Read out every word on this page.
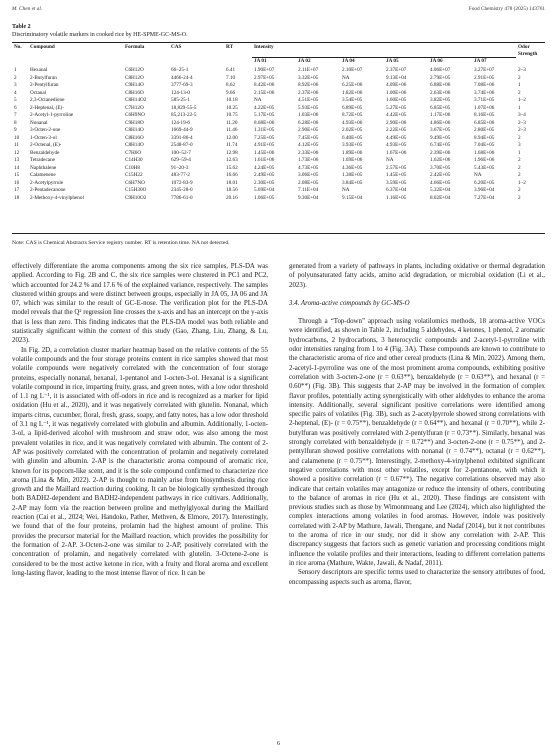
M. Chen et al.	Food Chemistry 478 (2025) 143761
Table 2
Discriminatory volatile markers in cooked rice by HE-SPME-GC-MS-O.
No.	Compound	Formula	CAS	RT	Intensity						Odor Strength
					JA 01	JA 02	JA 04	JA 05	JA 06	JA 07	
1	Hexanal	C6H12O	66–25-1	6.41	1.90E+07	2.11E+07	2.10E+07	2.37E+07	4.06E+07	3.27E+07	2–3
2	2-Butylfuran	C8H12O	4466-24-4	7.10	2.97E+05	3.32E+05	NA	9.13E+04	2.79E+05	2.91E+05	2
3	2-Pentylfuran	C9H14O	3777-69-3	8.62	8.42E+06	8.92E+06	6.25E+06	4.09E+06	6.88E+06	7.08E+06	1
4	Octanal	C8H16O	124-13-0	9.66	2.15E+06	2.37E+06	1.82E+06	1.00E+06	2.63E+06	3.74E+06	2
5	2,3-Octanedione	C8H14O2	585-25-1	10.18	NA	4.51E+05	3.54E+05	1.60E+05	3.82E+05	3.71E+05	1–2
6	2-Heptenal, (E)-	C7H12O	18,829-55-5	10.25	4.22E+05	5.93E+05	6.89E+05	5.27E+05	6.85E+05	1.07E+06	1
7	2-Acetyl-1-pyrroline	C6H9NO	85,213-22-5	10.75	5.17E+05	1.03E+06	8.72E+05	4.42E+05	1.17E+06	8.16E+05	3–4
8	Nonanal	C9H18O	124-19-6	11.20	8.68E+06	6.28E+06	4.93E+06	2.90E+06	4.86E+06	6.85E+06	2–3
9	3-Octen-2-one	C8H14O	1669-44-9	11.46	1.31E+05	2.90E+05	2.02E+05	2.22E+05	3.67E+05	2.80E+05	2–3
10	1-Octen-3-ol	C8H16O	3391-86-4	12.00	7.25E+05	7.45E+05	6.40E+05	4.49E+05	9.49E+05	8.94E+05	2
11	2-Octenal, (E)-	C8H14O	2548-87-0	11.74	4.91E+05	4.12E+05	3.93E+05	4.93E+05	6.74E+05	7.04E+05	3
12	Benzaldehyde	C7H6O	100–52-7	12.98	1.45E+06	2.33E+06	1.89E+06	1.67E+06	2.39E+06	1.68E+06	1
13	Tetradecane	C14H30	629–59-4	12.63	1.61E+06	1.73E+06	1.69E+06	NA	1.62E+06	1.96E+06	2
14	Naphthalene	C10H8	91–20-3	15.62	4.24E+05	4.73E+05	4.36E+05	2.57E+05	3.70E+05	5.43E+05	2
15	Calamenene	C15H22	483-77-2	16.66	2.49E+05	3.06E+05	1.38E+05	1.45E+05	2.42E+05	NA	2
16	2-Acetylpyrrole	C6H7NO	1072-83-9	18.01	2.30E+05	2.08E+05	3.84E+05	3.59E+05	4.66E+05	6.20E+05	1–2
17	2-Pentadecanone	C15H30O	2345-28-0	18.56	5.69E+04	7.11E+04	NA	6.37E+04	5.32E+04	3.96E+04	2
18	2-Methoxy-4-vinylphenol	C9H10O2	7786-61-0	20.16	1.06E+05	9.30E+04	9.15E+04	1.16E+05	8.02E+04	7.27E+04	2
Note: CAS is Chemical Abstracts Service registry number. RT is retention time. NA not detected.

effectively differentiate the aroma components among the six rice samples, PLS-DA was applied. According to Fig. 2B and C, the six rice samples were clustered in PC1 and PC2, which accounted for 24.2 % and 17.6 % of the explained variance, respectively. The samples clustered within groups and were distinct between groups, especially in JA 05, JA 06 and JA 07, which was similar to the result of GC-E-nose. The verification plot for the PLS-DA model reveals that the Q² regression line crosses the x-axis and has an intercept on the y-axis that is less than zero. This finding indicates that the PLS-DA model was both reliable and statistically significant within the context of this study (Gao, Zhang, Liu, Zhang, & Lu, 2023).

In Fig. 2D, a correlation cluster marker heatmap based on the relative contents of the 55 volatile compounds and the four storage proteins content in rice samples showed that most volatile compounds were negatively correlated with the concentration of four storage proteins, especially nonanal, hexanal, 1-pentanol and 1-octen-3-ol. Hexanal is a significant volatile compound in rice, imparting fruity, grass, and green notes, with a low odor threshold of 1.1 ng L⁻¹, it is associated with off-odors in rice and is recognized as a marker for lipid oxidation (Hu et al., 2020), and it was negatively correlated with glutelin. Nonanal, which imparts citrus, cucumber, floral, fresh, grass, soapy, and fatty notes, has a low odor threshold of 3.1 ng L⁻¹, it was negatively correlated with globulin and albumin. Additionally, 1-octen-3-ol, a lipid-derived alcohol with mushroom and straw odor, was also among the most prevalent volatiles in rice, and it was negatively correlated with albumin. The content of 2-AP was positively correlated with the concentration of prolamin and negatively correlated with glutelin and albumin. 2-AP is the characteristic aroma compound of aromatic rice, known for its popcorn-like scent, and it is the sole compound confirmed to characterize rice aroma (Lina & Min, 2022). 2-AP is thought to mainly arise from biosynthesis during rice growth and the Maillard reaction during cooking. It can be biologically synthesized through both BADH2-dependent and BADH2-independent pathways in rice cultivars. Additionally, 2-AP may form via the reaction between proline and methylglyoxal during the Maillard reaction (Cai et al., 2024; Wei, Handoko, Pather, Methven, & Elmore, 2017). Interestingly, we found that of the four proteins, prolamin had the highest amount of proline. This provides the precursor material for the Maillard reaction, which provides the possibility for the formation of 2-AP. 3-Octen-2-one was similar to 2-AP, positively correlated with the concentration of prolamin, and negatively correlated with glutelin. 3-Octene-2-one is considered to be the most active ketone in rice, with a fruity and floral aroma and excellent long-lasting flavor, leading to the most intense flavor of rice. It can be

generated from a variety of pathways in plants, including oxidative or thermal degradation of polyunsaturated fatty acids, amino acid degradation, or microbial oxidation (Li et al., 2023).

3.4. Aroma-active compounds by GC-MS-O

Through a “Top-down” approach using volatilomics methods, 18 aroma-active VOCs were identified, as shown in Table 2, including 5 aldehydes, 4 ketones, 1 phenol, 2 aromatic hydrocarbons, 2 hydrocarbons, 3 heterocyclic compounds and 2-acetyl-1-pyrroline with odor intensities ranging from 1 to 4 (Fig. 3A). These compounds are known to contribute to the characteristic aroma of rice and other cereal products (Lina & Min, 2022). Among them, 2-acetyl-1-pyrroline was one of the most prominent aroma compounds, exhibiting positive correlation with 3-octen-2-one (r = 0.63**), benzaldehyde (r = 0.63**), and hexanal (r = 0.60**) (Fig. 3B). This suggests that 2-AP may be involved in the formation of complex flavor profiles, potentially acting synergistically with other aldehydes to enhance the aroma intensity. Additionally, several significant positive correlations were identified among specific pairs of volatiles (Fig. 3B), such as 2-acetylpyrrole showed strong correlations with 2-heptenal, (E)- (r = 0.75**), benzaldehyde (r = 0.64**), and hexanal (r = 0.70**), while 2-butylfuran was positively correlated with 2-pentylfuran (r = 0.73**). Similarly, hexanal was strongly correlated with benzaldehyde (r = 0.72**) and 3-octen-2-one (r = 0.75**), and 2-pentylfuran showed positive correlations with nonanal (r = 0.74**), octanal (r = 0.62**), and calamenene (r = 0.75**). Interestingly, 2-methoxy-4-vinylphenol exhibited significant negative correlations with most other volatiles, except for 2-pentanone, with which it showed a positive correlation (r = 0.67**). The negative correlations observed may also indicate that certain volatiles may antagonize or reduce the intensity of others, contributing to the balance of aromas in rice (Hu et al., 2020). These findings are consistent with previous studies such as those by Wimonmuang and Lee (2024), which also highlighted the complex interactions among volatiles in food aromas. However, indole was positively correlated with 2-AP by Mathure, Jawali, Thengane, and Nadaf (2014), but it not contributes to the aroma of rice in our study, nor did it show any correlation with 2-AP. This discrepancy suggests that factors such as genetic variation and processing conditions might influence the volatile profiles and their interactions, leading to different correlation patterns in rice aroma (Mathure, Wakte, Jawali, & Nadaf, 2011).

Sensory descriptors are specific terms used to characterize the sensory attributes of food, encompassing aspects such as aroma, flavor,

6
